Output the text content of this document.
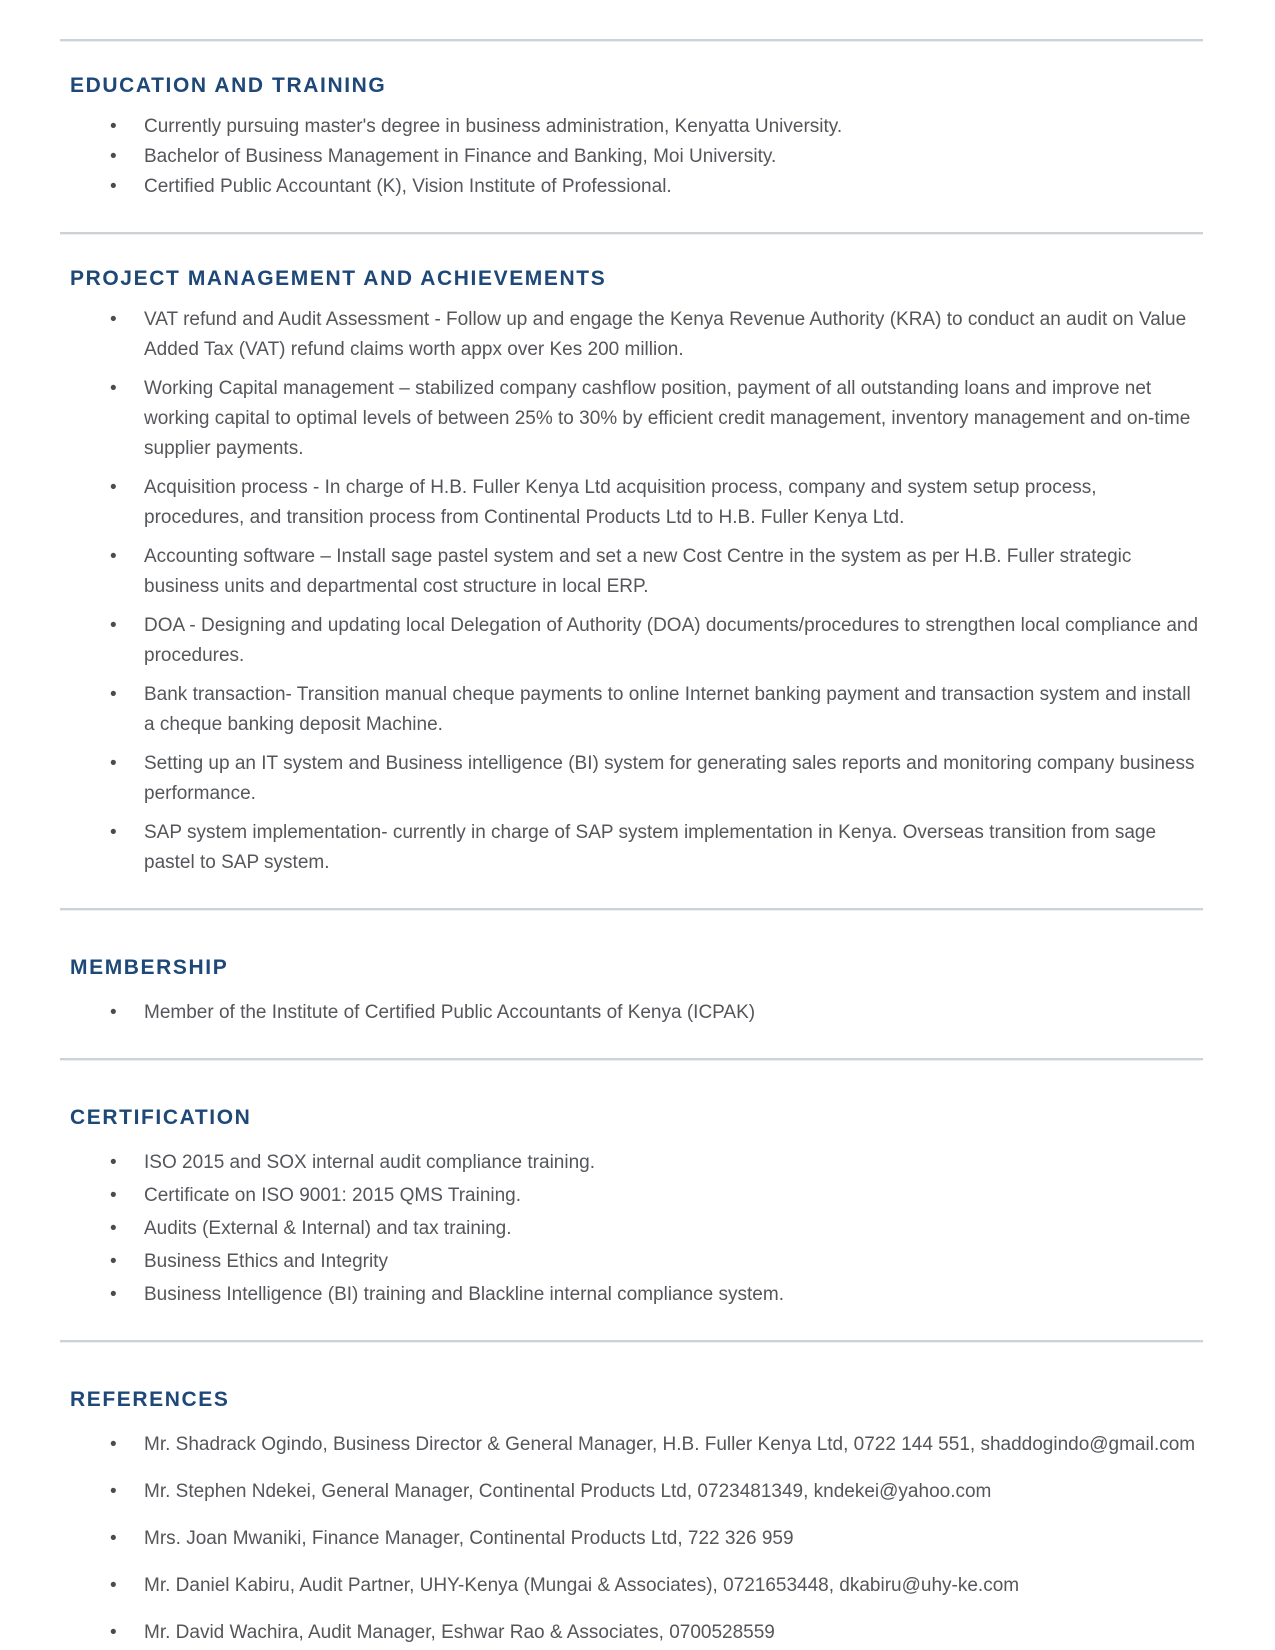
EDUCATION AND TRAINING
• Currently pursuing master's degree in business administration, Kenyatta University.
• Bachelor of Business Management in Finance and Banking, Moi University.
• Certified Public Accountant (K), Vision Institute of Professional.
PROJECT MANAGEMENT AND ACHIEVEMENTS
• VAT refund and Audit Assessment - Follow up and engage the Kenya Revenue Authority (KRA) to conduct an audit on Value Added Tax (VAT) refund claims worth appx over Kes 200 million.
• Working Capital management – stabilized company cashflow position, payment of all outstanding loans and improve net working capital to optimal levels of between 25% to 30% by efficient credit management, inventory management and on-time supplier payments.
• Acquisition process - In charge of H.B. Fuller Kenya Ltd acquisition process, company and system setup process, procedures, and transition process from Continental Products Ltd to H.B. Fuller Kenya Ltd.
• Accounting software – Install sage pastel system and set a new Cost Centre in the system as per H.B. Fuller strategic business units and departmental cost structure in local ERP.
• DOA - Designing and updating local Delegation of Authority (DOA) documents/procedures to strengthen local compliance and procedures.
• Bank transaction- Transition manual cheque payments to online Internet banking payment and transaction system and install a cheque banking deposit Machine.
• Setting up an IT system and Business intelligence (BI) system for generating sales reports and monitoring company business performance.
• SAP system implementation- currently in charge of SAP system implementation in Kenya. Overseas transition from sage pastel to SAP system.
MEMBERSHIP
• Member of the Institute of Certified Public Accountants of Kenya (ICPAK)
CERTIFICATION
• ISO 2015 and SOX internal audit compliance training.
• Certificate on ISO 9001: 2015 QMS Training.
• Audits (External & Internal) and tax training.
• Business Ethics and Integrity
• Business Intelligence (BI) training and Blackline internal compliance system.
REFERENCES
• Mr. Shadrack Ogindo, Business Director & General Manager, H.B. Fuller Kenya Ltd, 0722 144 551, shaddogindo@gmail.com
• Mr. Stephen Ndekei, General Manager, Continental Products Ltd, 0723481349, kndekei@yahoo.com
• Mrs. Joan Mwaniki, Finance Manager, Continental Products Ltd, 722 326 959
• Mr. Daniel Kabiru, Audit Partner, UHY-Kenya (Mungai & Associates), 0721653448, dkabiru@uhy-ke.com
• Mr. David Wachira, Audit Manager, Eshwar Rao & Associates, 0700528559
